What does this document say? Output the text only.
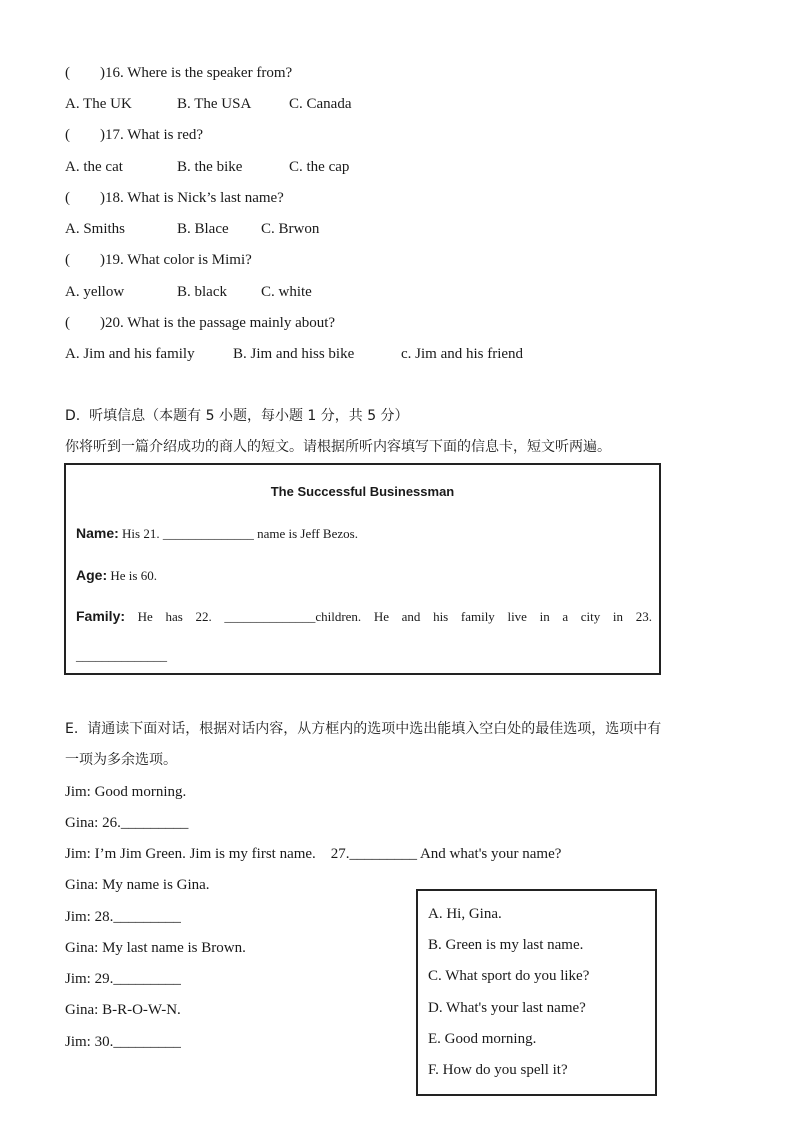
(        )16. Where is the speaker from?
A. The UK	B. The USA	C. Canada
(        )17. What is red?
A. the cat	B. the bike	C. the cap
(        )18. What is Nick’s last name?
A. Smiths	B. Blace C. Brwon
(        )19. What color is Mimi?
A. yellow	B. black C. white
(        )20. What is the passage mainly about?
A. Jim and his family	B. Jim and hiss bike	c. Jim and his friend
D.  听填信息（本题有 5 小题，每小题 1 分，共 5 分）
你将听到一篇介绍成功的商人的短文。请根据所听内容填写下面的信息卡，短文听两遍。
The Successful Businessman
Name: His 21. ______________ name is Jeff Bezos.
Age: He is 60.
Family: He has 22. ______________children. He and his family live in a city in 23.
______________
E.  请通读下面对话，根据对话内容，从方框内的选项中选出能填入空白处的最佳选项，选项中有
一项为多余选项。
Jim: Good morning.
Gina: 26._________
Jim: I’m Jim Green. Jim is my first name.    27._________ And what's your name?
Gina: My name is Gina.
Jim: 28._________
Gina: My last name is Brown.
Jim: 29._________
Gina: B-R-O-W-N.
Jim: 30._________
A. Hi, Gina.
B. Green is my last name.
C. What sport do you like?
D. What's your last name?
E. Good morning.
F. How do you spell it?
